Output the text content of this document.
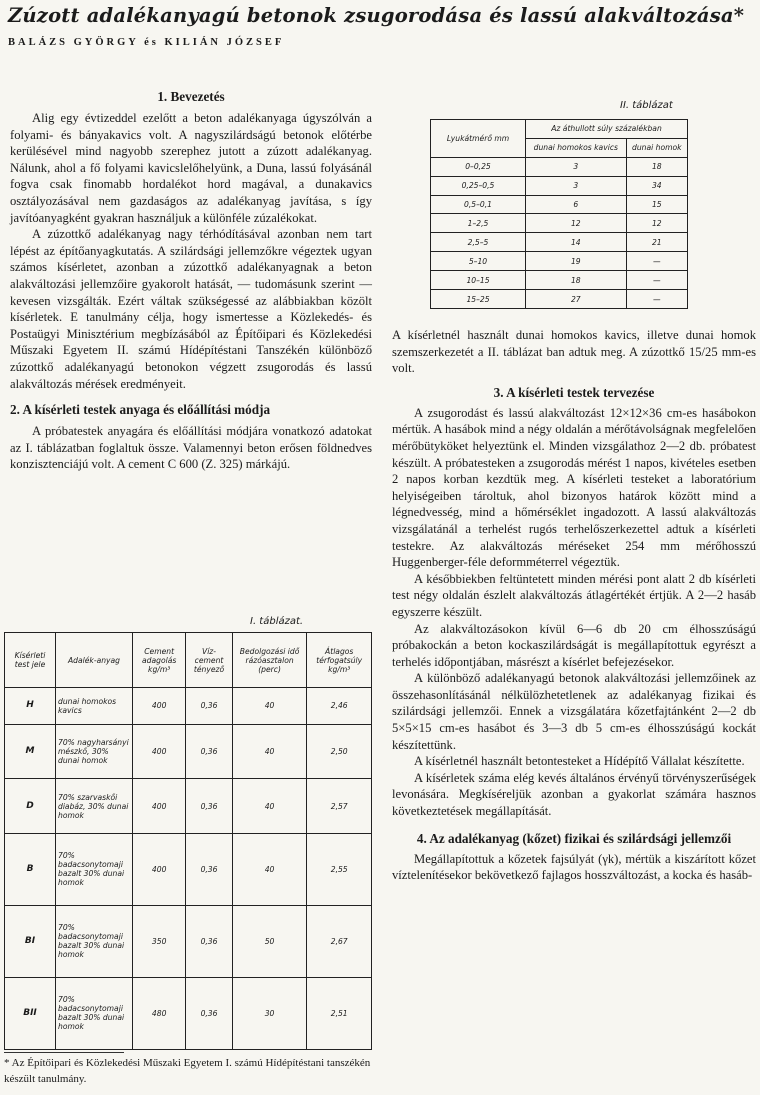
Zúzott adalékanyagú betonok zsugorodása és lassú alakváltozása*
BALÁZS GYÖRGY és KILIÁN JÓZSEF
1. Bevezetés

Alig egy évtizeddel ezelőtt a beton adalékanyaga úgyszólván a folyami- és bányakavics volt. A nagyszilárdságú betonok előtérbe kerülésével mind nagyobb szerephez jutott a zúzott adalékanyag. Nálunk, ahol a fő folyami kavicslelőhelyünk, a Duna, lassú folyásánál fogva csak finomabb hordalékot hord magával, a dunakavics osztályozásával nem gazdaságos az adalékanyag javítása, s így javítóanyagként gyakran használjuk a különféle zúzalékokat.

A zúzottkő adalékanyag nagy térhódításával azonban nem tart lépést az építőanyagkutatás. A szilárdsági jellemzőkre végeztek ugyan számos kísérletet, azonban a zúzottkő adalékanyagnak a beton alakváltozási jellemzőire gyakorolt hatását, — tudomásunk szerint — kevesen vizsgálták. Ezért váltak szükségessé az alábbiakban közölt kísérletek. E tanulmány célja, hogy ismertesse a Közlekedés- és Postaügyi Minisztérium megbízásából az Építőipari és Közlekedési Műszaki Egyetem II. számú Hídépítéstani Tanszékén különböző zúzottkő adalékanyagú betonokon végzett zsugorodás és lassú alakváltozás mérések eredményeit.

2. A kísérleti testek anyaga és előállítási módja

A próbatestek anyagára és előállítási módjára vonatkozó adatokat az I. táblázatban foglaltuk össze. Valamennyi beton erősen földnedves konzisztenciájú volt. A cement C 600 (Z. 325) márkájú.

I. táblázat.
Kísérleti test jele	Adalék-anyag	Cement adagolás kg/m³	Víz-cement tényező	Bedolgozási idő rázóasztalon (perc)	Átlagos térfogatsúly kg/m³
H	dunai homokos kavics	400	0,36	40	2,46
M	70% nagyharsányi mészkő, 30% dunai homok	400	0,36	40	2,50
D	70% szarvaskői diabáz, 30% dunai homok	400	0,36	40	2,57
B	70% badacsonytomaji bazalt 30% dunai homok	400	0,36	40	2,55
BI	70% badacsonytomaji bazalt 30% dunai homok	350	0,36	50	2,67
BII	70% badacsonytomaji bazalt 30% dunai homok	480	0,36	30	2,51
* Az Építőipari és Közlekedési Műszaki Egyetem I. számú Hídépítéstani tanszékén készült tanulmány.
II. táblázat
Lyukátmérő mm	Az áthullott súly százalékban	
	dunai homokos kavics	dunai homok
0–0,25	3	18
0,25–0,5	3	34
0,5–0,1	6	15
1–2,5	12	12
2,5–5	14	21
5–10	19	—
10–15	18	—
15–25	27	—

A kísérletnél használt dunai homokos kavics, illetve dunai homok szemszerkezetét a II. táblázat ban adtuk meg. A zúzottkő 15/25 mm-es volt.

3. A kísérleti testek tervezése

A zsugorodást és lassú alakváltozást 12×12×36 cm-es hasábokon mértük. A hasábok mind a négy oldalán a mérőtávolságnak megfelelően mérőbütyköket helyeztünk el. Minden vizsgálathoz 2—2 db. próbatest készült. A próbatesteken a zsugorodás mérést 1 napos, kivételes esetben 2 napos korban kezdtük meg. A kísérleti testeket a laboratórium helyiségeiben tároltuk, ahol bizonyos határok között mind a légnedvesség, mind a hőmérséklet ingadozott. A lassú alakváltozás vizsgálatánál a terhelést rugós terhelőszerkezettel adtuk a kísérleti testekre. Az alakváltozás méréseket 254 mm mérőhosszú Huggenberger-féle deformméterrel végeztük.

A későbbiekben feltüntetett minden mérési pont alatt 2 db kísérleti test négy oldalán észlelt alakváltozás átlagértékét értjük. A 2—2 hasáb egyszerre készült.

Az alakváltozásokon kívül 6—6 db 20 cm élhosszúságú próbakockán a beton kockaszilárdságát is megállapítottuk egyrészt a terhelés időpontjában, másrészt a kísérlet befejezésekor.

A különböző adalékanyagú betonok alakváltozási jellemzőinek az összehasonlításánál nélkülözhetetlenek az adalékanyag fizikai és szilárdsági jellemzői. Ennek a vizsgálatára kőzetfajtánként 2—2 db 5×5×15 cm-es hasábot és 3—3 db 5 cm-es élhosszúságú kockát készítettünk.

A kísérletnél használt betontesteket a Hídépítő Vállalat készítette.

A kísérletek száma elég kevés általános érvényű törvényszerűségek levonására. Megkíséreljük azonban a gyakorlat számára hasznos következtetések megállapítását.

4. Az adalékanyag (kőzet) fizikai és szilárdsági jellemzői

Megállapítottuk a kőzetek fajsúlyát (γk), mértük a kiszárított kőzet víztelenítésekor bekövetkező fajlagos hosszváltozást, a kocka és hasáb-
